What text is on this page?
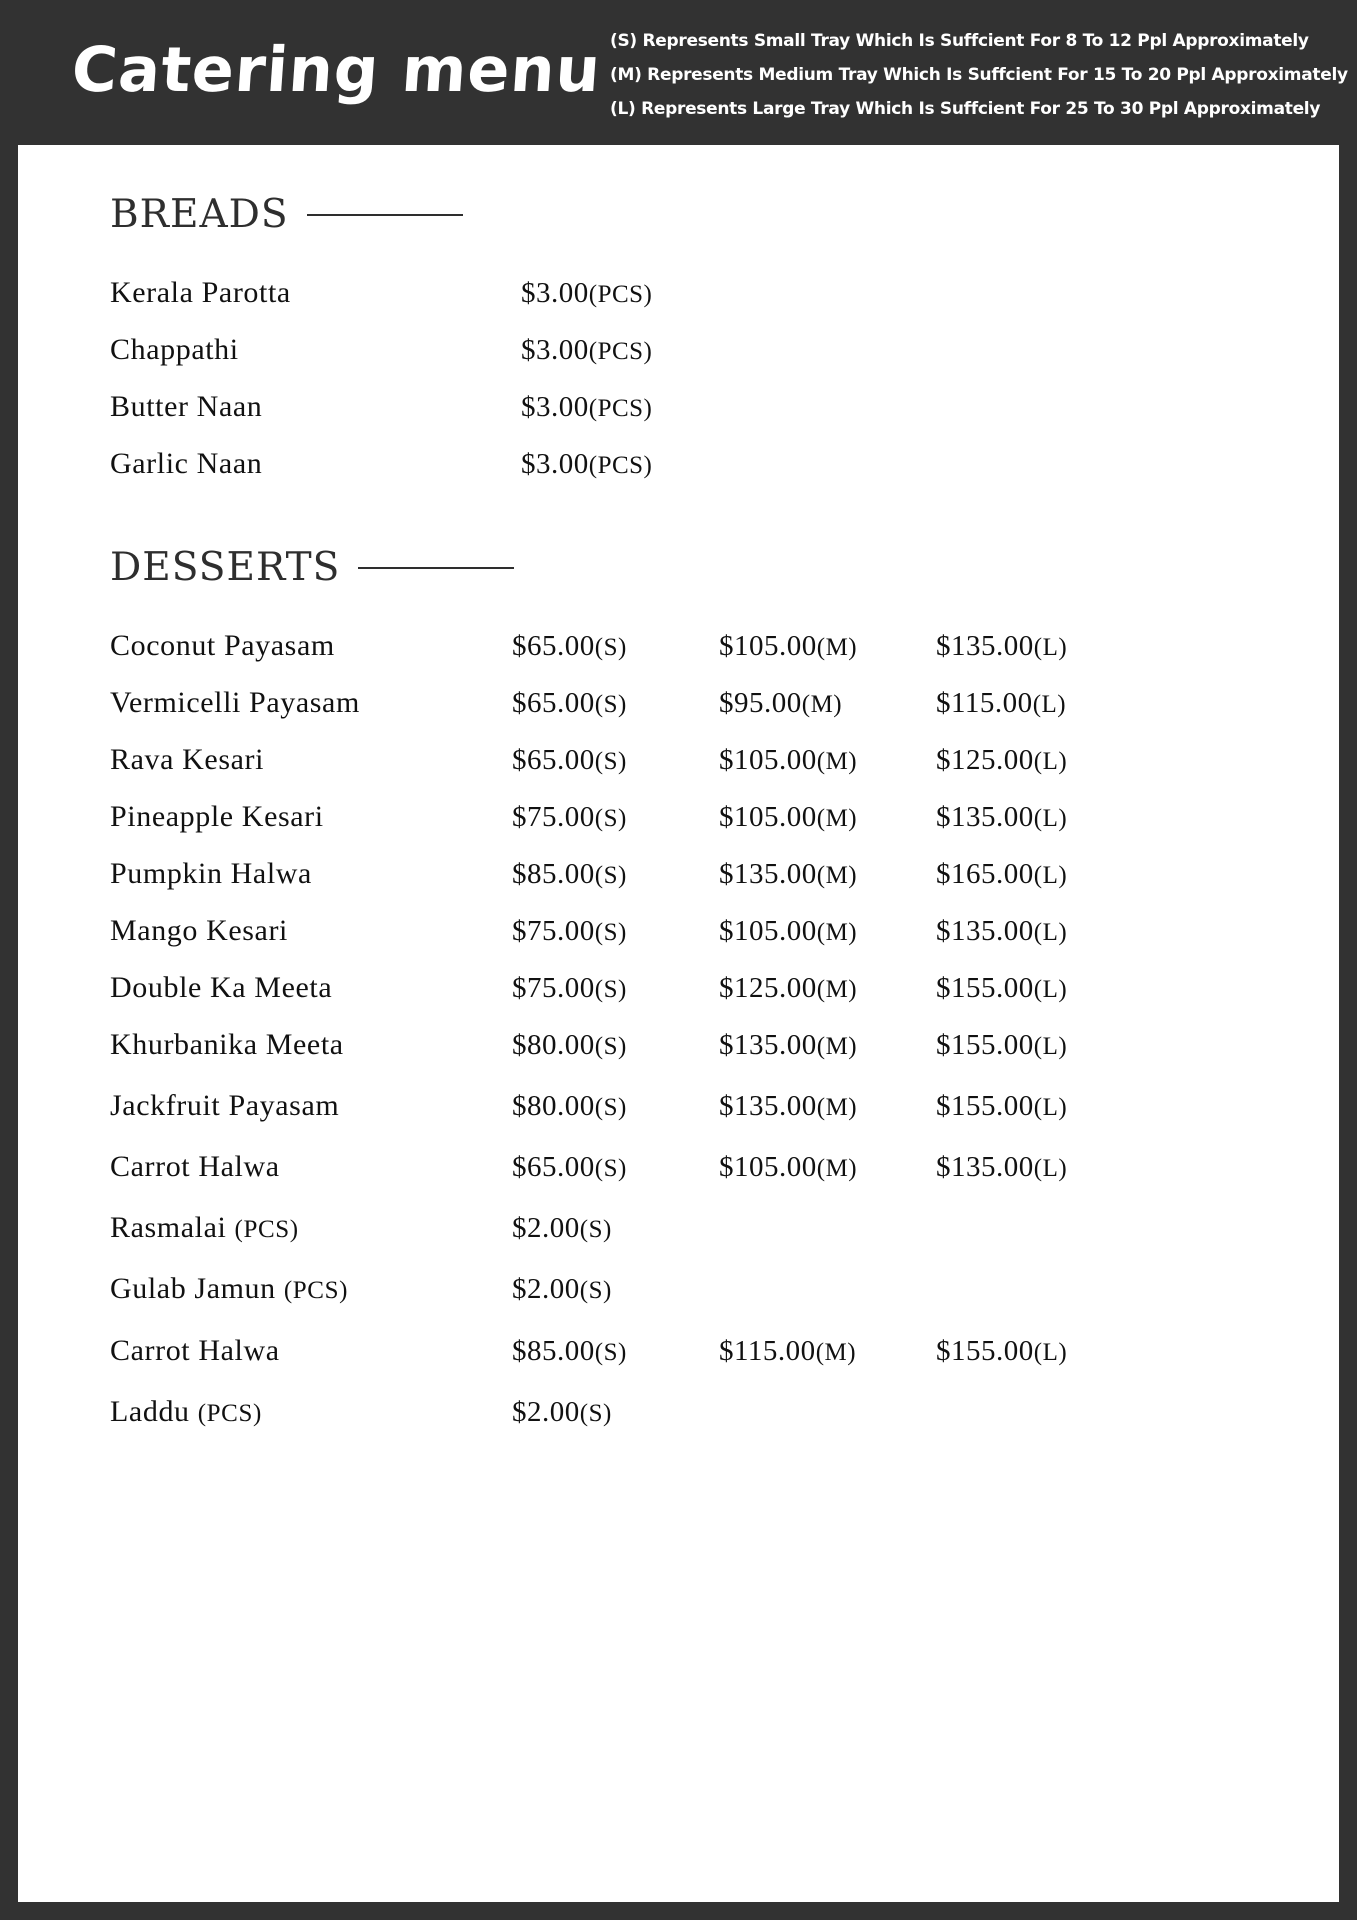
Catering menu (S) Represents Small Tray Which Is Suffcient For 8 To 12 Ppl Approximately
(M) Represents Medium Tray Which Is Suffcient For 15 To 20 Ppl Approximately
(L) Represents Large Tray Which Is Suffcient For 25 To 30 Ppl Approximately
BREADS
Kerala Parotta	$3.00(PCS)
Chappathi	$3.00(PCS)
Butter Naan	$3.00(PCS)
Garlic Naan	$3.00(PCS)
DESSERTS
Coconut Payasam	$65.00(S)	$105.00(M)	$135.00(L)
Vermicelli Payasam	$65.00(S)	$95.00(M)	$115.00(L)
Rava Kesari	$65.00(S)	$105.00(M)	$125.00(L)
Pineapple Kesari	$75.00(S)	$105.00(M)	$135.00(L)
Pumpkin Halwa	$85.00(S)	$135.00(M)	$165.00(L)
Mango Kesari	$75.00(S)	$105.00(M)	$135.00(L)
Double Ka Meeta	$75.00(S)	$125.00(M)	$155.00(L)
Khurbanika Meeta	$80.00(S)	$135.00(M)	$155.00(L)
Jackfruit Payasam	$80.00(S)	$135.00(M)	$155.00(L)
Carrot Halwa	$65.00(S)	$105.00(M)	$135.00(L)
Rasmalai (PCS)	$2.00(S)
Gulab Jamun (PCS)	$2.00(S)
Carrot Halwa	$85.00(S)	$115.00(M)	$155.00(L)
Laddu (PCS)	$2.00(S)
